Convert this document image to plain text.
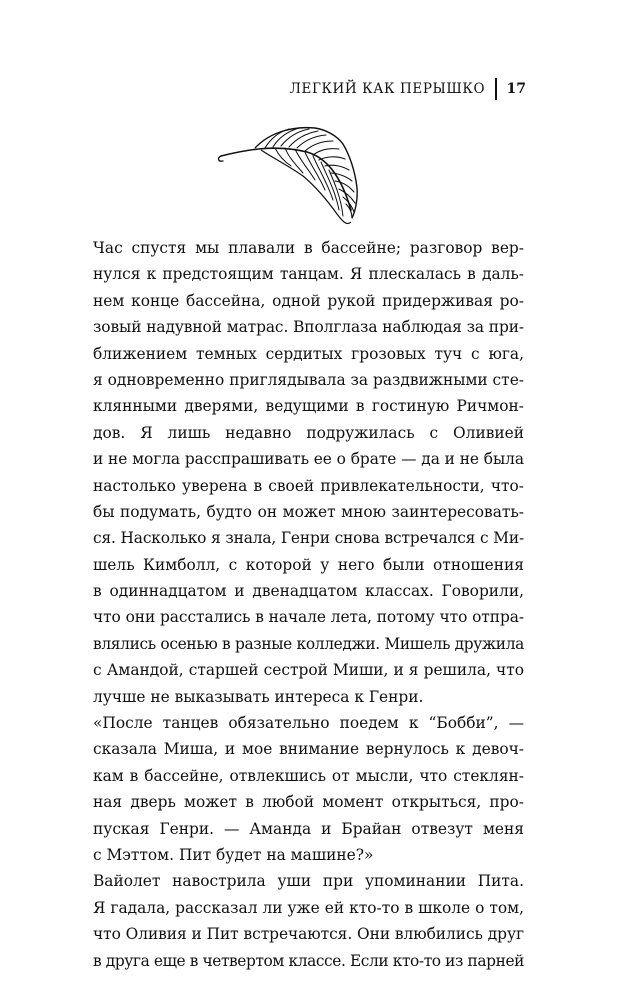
ЛЕГКИЙ КАК ПЕРЫШКО 17
Час спустя мы плавали в бассейне; разговор вер-
нулся к предстоящим танцам. Я плескалась в даль-
нем конце бассейна, одной рукой придерживая ро-
зовый надувной матрас. Вполглаза наблюдая за при-
ближением темных сердитых грозовых туч с юга,
я одновременно приглядывала за раздвижными сте-
клянными дверями, ведущими в гостиную Ричмон-
дов. Я лишь недавно подружилась с Оливией
и не могла расспрашивать ее о брате — да и не была
настолько уверена в своей привлекательности, что-
бы подумать, будто он может мною заинтересовать-
ся. Насколько я знала, Генри снова встречался с Ми-
шель Кимболл, с которой у него были отношения
в одиннадцатом и двенадцатом классах. Говорили,
что они расстались в начале лета, потому что отпра-
влялись осенью в разные колледжи. Мишель дружила
с Амандой, старшей сестрой Миши, и я решила, что
лучше не выказывать интереса к Генри.
«После танцев обязательно поедем к “Бобби”, —
сказала Миша, и мое внимание вернулось к девоч-
кам в бассейне, отвлекшись от мысли, что стеклян-
ная дверь может в любой момент открыться, про-
пуская Генри. — Аманда и Брайан отвезут меня
с Мэттом. Пит будет на машине?»
Вайолет навострила уши при упоминании Пита.
Я гадала, рассказал ли уже ей кто-то в школе о том,
что Оливия и Пит встречаются. Они влюбились друг
в друга еще в четвертом классе. Если кто-то из парней
